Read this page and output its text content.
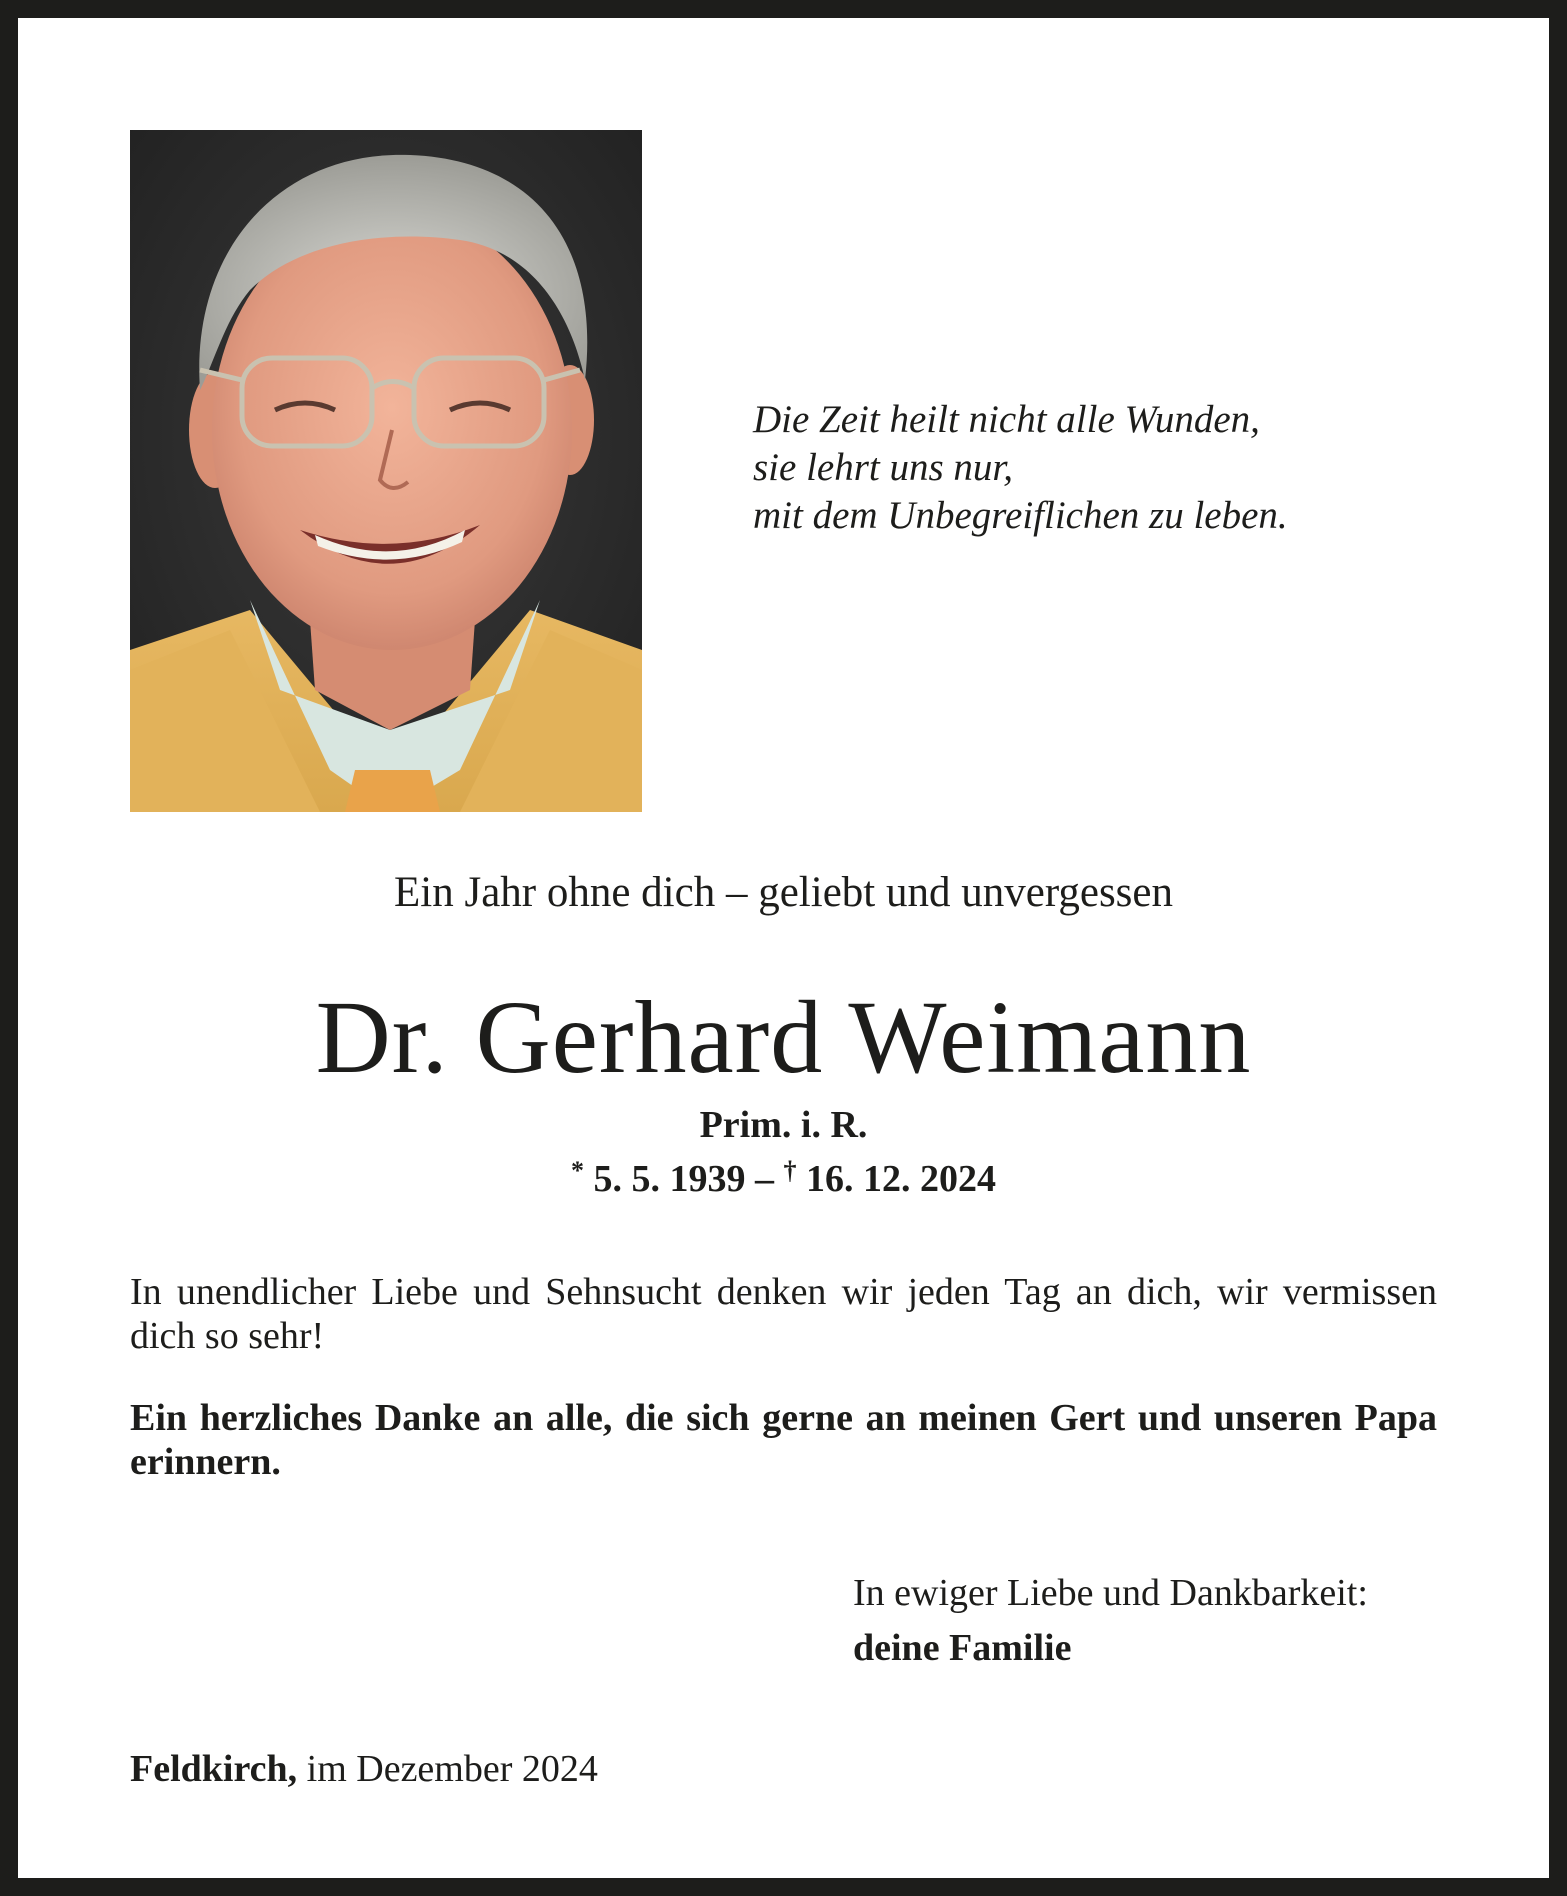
Die Zeit heilt nicht alle Wunden,
sie lehrt uns nur,
mit dem Unbegreiflichen zu leben.
Ein Jahr ohne dich – geliebt und unvergessen
Dr. Gerhard Weimann
Prim. i. R.
* 5. 5. 1939 – † 16. 12. 2024
In unendlicher Liebe und Sehnsucht denken wir jeden Tag an dich, wir vermissen dich so sehr!
Ein herzliches Danke an alle, die sich gerne an meinen Gert und unseren Papa erinnern.
In ewiger Liebe und Dankbarkeit:
deine Familie
Feldkirch, im Dezember 2024
